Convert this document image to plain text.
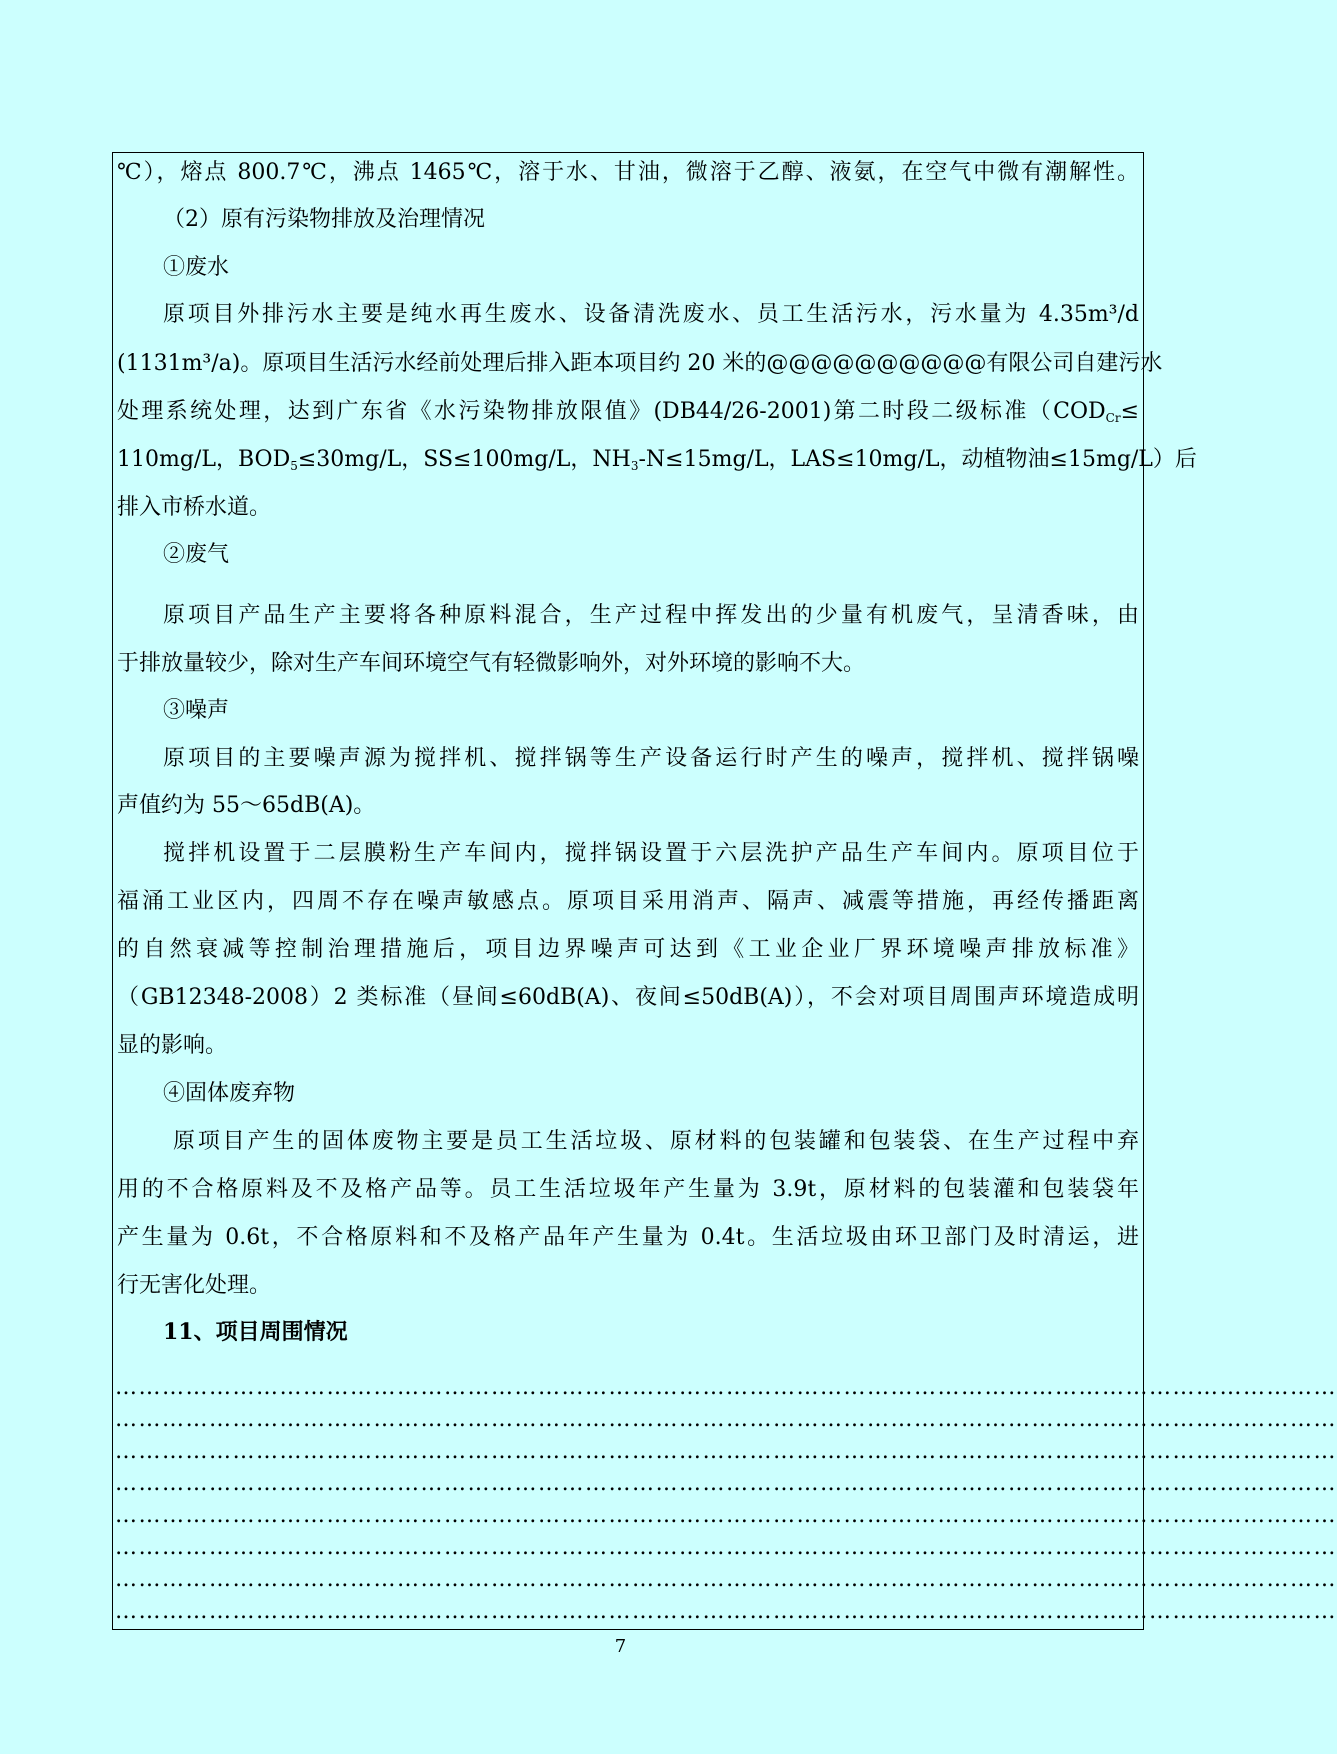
℃），熔点 800.7℃，沸点 1465℃，溶于水、甘油，微溶于乙醇、液氨，在空气中微有潮解性。
（2）原有污染物排放及治理情况
①废水
原项目外排污水主要是纯水再生废水、设备清洗废水、员工生活污水，污水量为 4.35m³/d
(1131m³/a)。原项目生活污水经前处理后排入距本项目约 20 米的@@@@@@@@@@有限公司自建污水
处理系统处理，达到广东省《水污染物排放限值》(DB44/26-2001)第二时段二级标准（$COD_{Cr}\le$
110mg/L，$BOD_5\le 30mg/L$，SS≤100mg/L，$NH_3-N\le 15mg/L$，LAS≤10mg/L，动植物油≤15mg/L）后
排入市桥水道。
②废气
原项目产品生产主要将各种原料混合，生产过程中挥发出的少量有机废气，呈清香味，由
于排放量较少，除对生产车间环境空气有轻微影响外，对外环境的影响不大。
③噪声
原项目的主要噪声源为搅拌机、搅拌锅等生产设备运行时产生的噪声，搅拌机、搅拌锅噪
声值约为 55～65dB(A)。
搅拌机设置于二层膜粉生产车间内，搅拌锅设置于六层洗护产品生产车间内。原项目位于
福涌工业区内，四周不存在噪声敏感点。原项目采用消声、隔声、减震等措施，再经传播距离
的自然衰减等控制治理措施后，项目边界噪声可达到《工业企业厂界环境噪声排放标准》
（GB12348-2008）2 类标准（昼间≤60dB(A)、夜间≤50dB(A)），不会对项目周围声环境造成明
显的影响。
④固体废弃物
原项目产生的固体废物主要是员工生活垃圾、原材料的包装罐和包装袋、在生产过程中弃
用的不合格原料及不及格产品等。员工生活垃圾年产生量为 3.9t，原材料的包装灌和包装袋年
产生量为 0.6t，不合格原料和不及格产品年产生量为 0.4t。生活垃圾由环卫部门及时清运，进
行无害化处理。
11、项目周围情况
…………………………………………………………………………………………………………………………………………
…………………………………………………………………………………………………………………………………………
…………………………………………………………………………………………………………………………………………
…………………………………………………………………………………………………………………………………………
…………………………………………………………………………………………………………………………………………
…………………………………………………………………………………………………………………………………………
…………………………………………………………………………………………………………………………………………
…………………………………………………………………………………………………………………………………………
7
